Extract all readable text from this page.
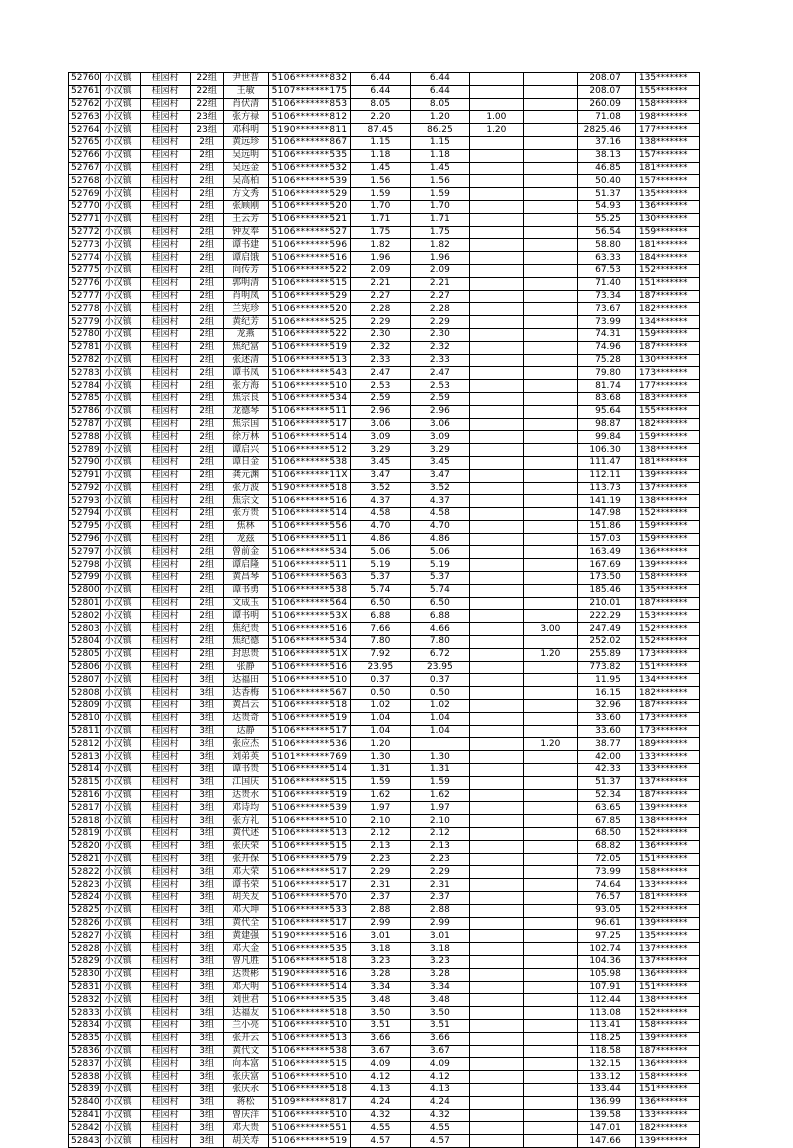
52760	小汉镇	桂园村	22组	尹世普	5106*******832	6.44	6.44			208.07	135*******
52761	小汉镇	桂园村	22组	王敏	5107*******175	6.44	6.44			208.07	155*******
52762	小汉镇	桂园村	22组	肖伏清	5106*******853	8.05	8.05			260.09	158*******
52763	小汉镇	桂园村	23组	张方禄	5106*******812	2.20	1.20	1.00		71.08	198*******
52764	小汉镇	桂园村	23组	邓科明	5190*******811	87.45	86.25	1.20		2825.46	177*******
52765	小汉镇	桂园村	2组	黄远珍	5106*******867	1.15	1.15			37.16	138*******
52766	小汉镇	桂园村	2组	吴远明	5106*******535	1.18	1.18			38.13	157*******
52767	小汉镇	桂园村	2组	吴远金	5106*******532	1.45	1.45			46.85	181*******
52768	小汉镇	桂园村	2组	吴高柏	5106*******539	1.56	1.56			50.40	157*******
52769	小汉镇	桂园村	2组	方文秀	5106*******529	1.59	1.59			51.37	135*******
52770	小汉镇	桂园村	2组	张顾刚	5106*******520	1.70	1.70			54.93	136*******
52771	小汉镇	桂园村	2组	王云芳	5106*******521	1.71	1.71			55.25	130*******
52772	小汉镇	桂园村	2组	钟友奉	5106*******527	1.75	1.75			56.54	159*******
52773	小汉镇	桂园村	2组	谭书建	5106*******596	1.82	1.82			58.80	181*******
52774	小汉镇	桂园村	2组	谭启饿	5106*******516	1.96	1.96			63.33	184*******
52775	小汉镇	桂园村	2组	向传芳	5106*******522	2.09	2.09			67.53	152*******
52776	小汉镇	桂园村	2组	郭明清	5106*******515	2.21	2.21			71.40	151*******
52777	小汉镇	桂园村	2组	肖明凤	5106*******529	2.27	2.27			73.34	187*******
52778	小汉镇	桂园村	2组	兰宪珍	5106*******520	2.28	2.28			73.67	182*******
52779	小汉镇	桂园村	2组	黄纪芳	5106*******525	2.29	2.29			73.99	134*******
52780	小汉镇	桂园村	2组	龙燕	5106*******522	2.30	2.30			74.31	159*******
52781	小汉镇	桂园村	2组	焦纪富	5106*******519	2.32	2.32			74.96	187*******
52782	小汉镇	桂园村	2组	张述清	5106*******513	2.33	2.33			75.28	130*******
52783	小汉镇	桂园村	2组	谭书凤	5106*******543	2.47	2.47			79.80	173*******
52784	小汉镇	桂园村	2组	张方海	5106*******510	2.53	2.53			81.74	177*******
52785	小汉镇	桂园村	2组	焦宗良	5106*******534	2.59	2.59			83.68	183*******
52786	小汉镇	桂园村	2组	龙德琴	5106*******511	2.96	2.96			95.64	155*******
52787	小汉镇	桂园村	2组	焦宗国	5106*******517	3.06	3.06			98.87	182*******
52788	小汉镇	桂园村	2组	徐万林	5106*******514	3.09	3.09			99.84	159*******
52789	小汉镇	桂园村	2组	谭启兴	5106*******512	3.29	3.29			106.30	138*******
52790	小汉镇	桂园村	2组	谭日金	5106*******538	3.45	3.45			111.47	181*******
52791	小汉镇	桂园村	2组	龚元渊	5106*******11X	3.47	3.47			112.11	139*******
52792	小汉镇	桂园村	2组	张万波	5190*******518	3.52	3.52			113.73	137*******
52793	小汉镇	桂园村	2组	焦宗文	5106*******516	4.37	4.37			141.19	138*******
52794	小汉镇	桂园村	2组	张方贵	5106*******514	4.58	4.58			147.98	152*******
52795	小汉镇	桂园村	2组	焦林	5106*******556	4.70	4.70			151.86	159*******
52796	小汉镇	桂园村	2组	龙玆	5106*******511	4.86	4.86			157.03	159*******
52797	小汉镇	桂园村	2组	曾前金	5106*******534	5.06	5.06			163.49	136*******
52798	小汉镇	桂园村	2组	谭启隆	5106*******511	5.19	5.19			167.69	139*******
52799	小汉镇	桂园村	2组	黄昌琴	5106*******563	5.37	5.37			173.50	158*******
52800	小汉镇	桂园村	2组	谭书勇	5106*******538	5.74	5.74			185.46	135*******
52801	小汉镇	桂园村	2组	文成玉	5106*******564	6.50	6.50			210.01	187*******
52802	小汉镇	桂园村	2组	谭书明	5106*******53X	6.88	6.88			222.29	153*******
52803	小汉镇	桂园村	2组	焦纪贵	5106*******516	7.66	4.66		3.00	247.49	152*******
52804	小汉镇	桂园村	2组	焦纪德	5106*******534	7.80	7.80			252.02	152*******
52805	小汉镇	桂园村	2组	封思贵	5106*******51X	7.92	6.72		1.20	255.89	173*******
52806	小汉镇	桂园村	2组	张静	5106*******516	23.95	23.95			773.82	151*******
52807	小汉镇	桂园村	3组	达福田	5106*******510	0.37	0.37			11.95	134*******
52808	小汉镇	桂园村	3组	达香梅	5106*******567	0.50	0.50			16.15	182*******
52809	小汉镇	桂园村	3组	黄昌云	5106*******518	1.02	1.02			32.96	187*******
52810	小汉镇	桂园村	3组	达贵奇	5106*******519	1.04	1.04			33.60	173*******
52811	小汉镇	桂园村	3组	达静	5106*******517	1.04	1.04			33.60	173*******
52812	小汉镇	桂园村	3组	张应杰	5106*******536	1.20			1.20	38.77	189*******
52813	小汉镇	桂园村	3组	刘弟英	5101*******769	1.30	1.30			42.00	133*******
52814	小汉镇	桂园村	3组	谭书贵	5106*******514	1.31	1.31			42.33	133*******
52815	小汉镇	桂园村	3组	江国庆	5106*******515	1.59	1.59			51.37	137*******
52816	小汉镇	桂园村	3组	达贵水	5106*******519	1.62	1.62			52.34	187*******
52817	小汉镇	桂园村	3组	邓诗均	5106*******539	1.97	1.97			63.65	139*******
52818	小汉镇	桂园村	3组	张方礼	5106*******510	2.10	2.10			67.85	138*******
52819	小汉镇	桂园村	3组	黄代述	5106*******513	2.12	2.12			68.50	152*******
52820	小汉镇	桂园村	3组	张庆荣	5106*******515	2.13	2.13			68.82	136*******
52821	小汉镇	桂园村	3组	张开保	5106*******579	2.23	2.23			72.05	151*******
52822	小汉镇	桂园村	3组	邓大荣	5106*******517	2.29	2.29			73.99	158*******
52823	小汉镇	桂园村	3组	谭书荣	5106*******517	2.31	2.31			74.64	133*******
52824	小汉镇	桂园村	3组	胡关友	5106*******570	2.37	2.37			76.57	181*******
52825	小汉镇	桂园村	3组	邓大坤	5106*******533	2.88	2.88			93.05	152*******
52826	小汉镇	桂园村	3组	黄代全	5106*******517	2.99	2.99			96.61	139*******
52827	小汉镇	桂园村	3组	黄建强	5190*******516	3.01	3.01			97.25	135*******
52828	小汉镇	桂园村	3组	邓大金	5106*******535	3.18	3.18			102.74	137*******
52829	小汉镇	桂园村	3组	曾凡胜	5106*******518	3.23	3.23			104.36	137*******
52830	小汉镇	桂园村	3组	达贵彬	5190*******516	3.28	3.28			105.98	136*******
52831	小汉镇	桂园村	3组	邓大明	5106*******514	3.34	3.34			107.91	151*******
52832	小汉镇	桂园村	3组	刘世君	5106*******535	3.48	3.48			112.44	138*******
52833	小汉镇	桂园村	3组	达福友	5106*******518	3.50	3.50			113.08	152*******
52834	小汉镇	桂园村	3组	兰小亮	5106*******510	3.51	3.51			113.41	158*******
52835	小汉镇	桂园村	3组	张开云	5106*******513	3.66	3.66			118.25	139*******
52836	小汉镇	桂园村	3组	黄代文	5106*******538	3.67	3.67			118.58	187*******
52837	小汉镇	桂园村	3组	向本富	5106*******515	4.09	4.09			132.15	136*******
52838	小汉镇	桂园村	3组	张庆富	5106*******510	4.12	4.12			133.12	158*******
52839	小汉镇	桂园村	3组	张庆永	5106*******518	4.13	4.13			133.44	151*******
52840	小汉镇	桂园村	3组	蒋松	5109*******817	4.24	4.24			136.99	136*******
52841	小汉镇	桂园村	3组	曾庆洋	5106*******510	4.32	4.32			139.58	133*******
52842	小汉镇	桂园村	3组	邓大贵	5106*******551	4.55	4.55			147.01	182*******
52843	小汉镇	桂园村	3组	胡关寿	5106*******519	4.57	4.57			147.66	139*******
